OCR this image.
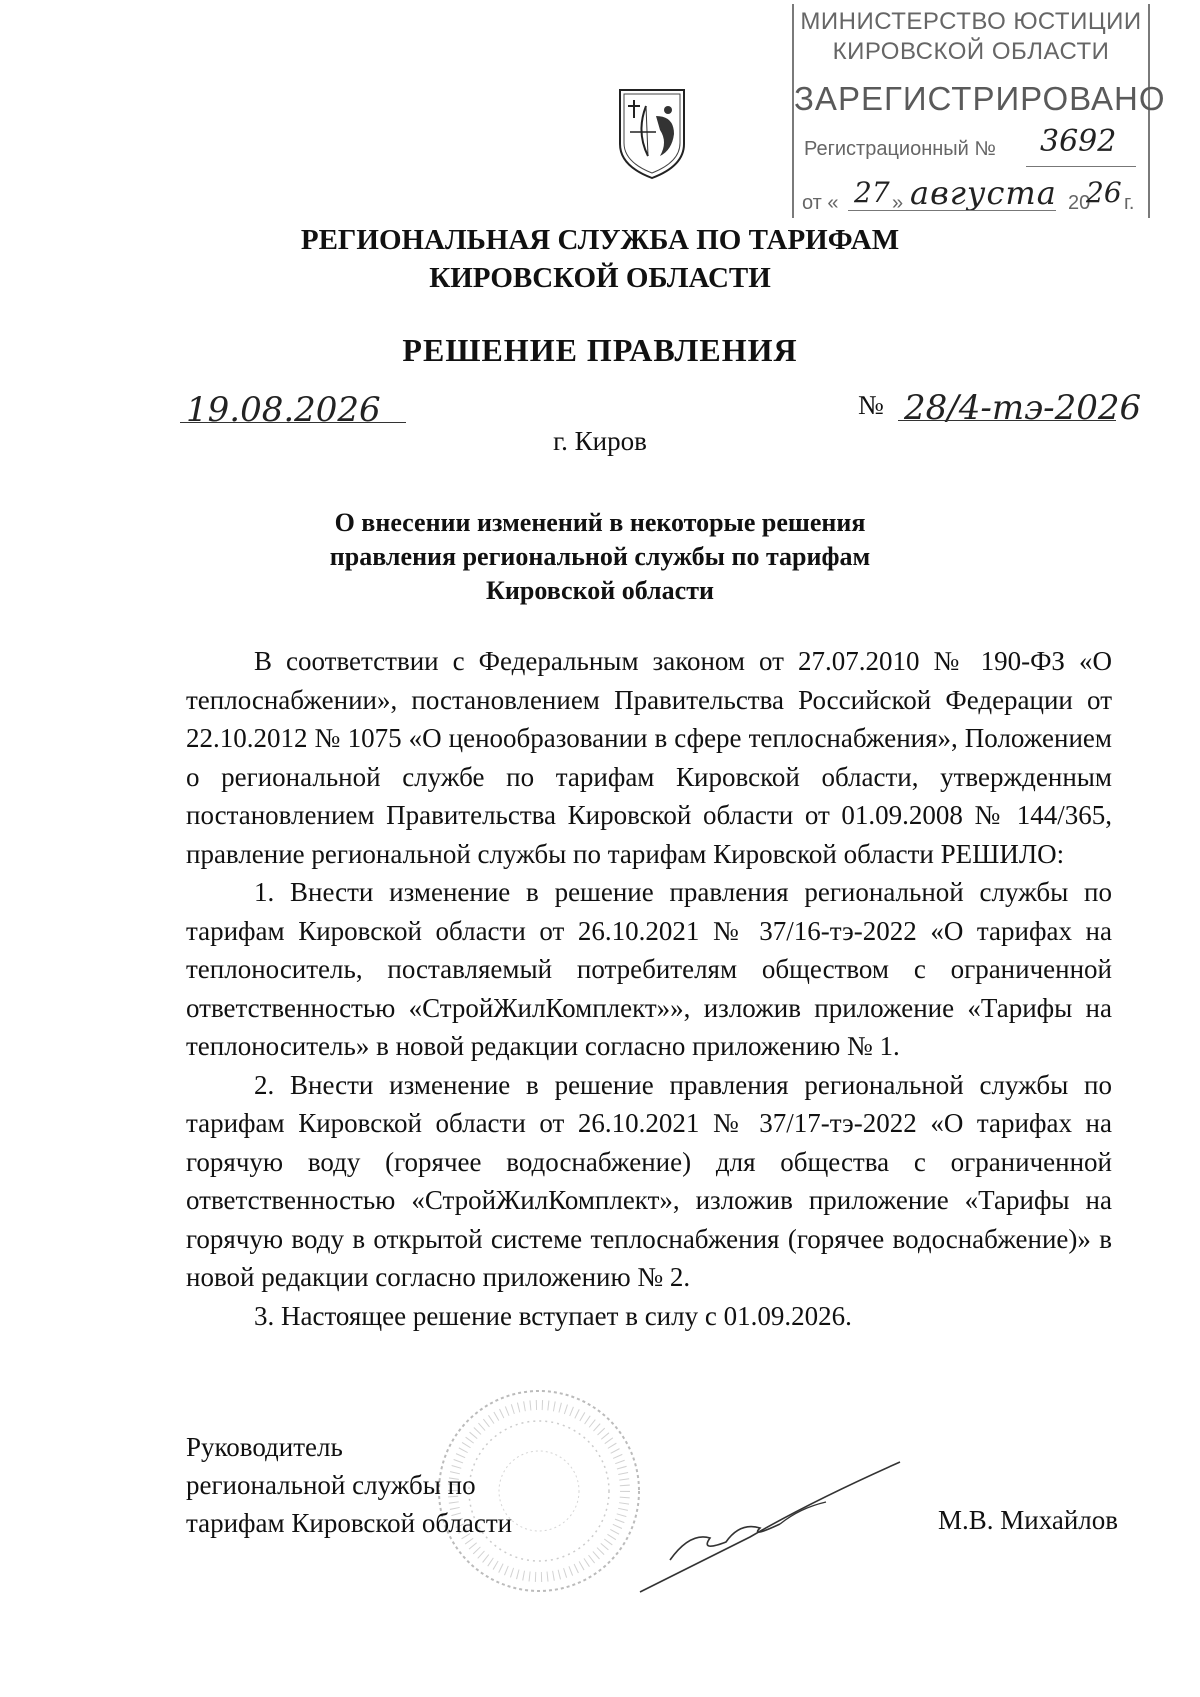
МИНИСТЕРСТВО ЮСТИЦИИ
КИРОВСКОЙ ОБЛАСТИ
ЗАРЕГИСТРИРОВАНО
Регистрационный № 3692
от «	»	20 г.
27 августа 26
РЕГИОНАЛЬНАЯ СЛУЖБА ПО ТАРИФАМ
КИРОВСКОЙ ОБЛАСТИ
РЕШЕНИЕ ПРАВЛЕНИЯ
19.08.2026	№ 28/4-тэ-2026
г. Киров
О внесении изменений в некоторые решения
правления региональной службы по тарифам
Кировской области

В соответствии с Федеральным законом от 27.07.2010 № 190-ФЗ «О теплоснабжении», постановлением Правительства Российской Федерации от 22.10.2012 № 1075 «О ценообразовании в сфере теплоснабжения», Положением о региональной службе по тарифам Кировской области, утвержденным постановлением Правительства Кировской области от 01.09.2008 № 144/365, правление региональной службы по тарифам Кировской области РЕШИЛО:

1. Внести изменение в решение правления региональной службы по тарифам Кировской области от 26.10.2021 № 37/16-тэ-2022 «О тарифах на теплоноситель, поставляемый потребителям обществом с ограниченной ответственностью «СтройЖилКомплект»», изложив приложение «Тарифы на теплоноситель» в новой редакции согласно приложению № 1.

2. Внести изменение в решение правления региональной службы по тарифам Кировской области от 26.10.2021 № 37/17-тэ-2022 «О тарифах на горячую воду (горячее водоснабжение) для общества с ограниченной ответственностью «СтройЖилКомплект», изложив приложение «Тарифы на горячую воду в открытой системе теплоснабжения (горячее водоснабжение)» в новой редакции согласно приложению № 2.

3. Настоящее решение вступает в силу с 01.09.2026.

Руководитель
региональной службы по
тарифам Кировской области	М.В. Михайлов
